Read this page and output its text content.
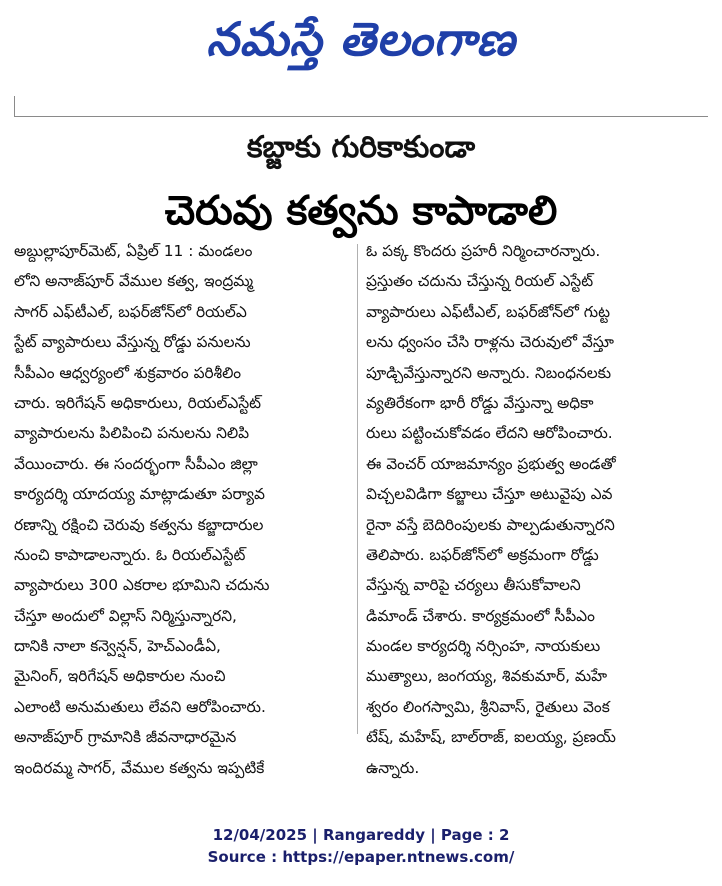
నమస్తే తెలంగాణ
కబ్జాకు గురికాకుండా
చెరువు కత్వను కాపాడాలి
అబ్దుల్లాపూర్‌మెట్, ఏప్రిల్ 11 : మండలం
లోని అనాజ్‌పూర్ వేముల కత్వ, ఇంద్రమ్మ
సాగర్ ఎఫ్‌టీఎల్, బఫర్‌జోన్‌లో రియల్ఎ
స్టేట్ వ్యాపారులు వేస్తున్న రోడ్డు పనులను
సీపీఎం ఆధ్వర్యంలో శుక్రవారం పరిశీలిం
చారు. ఇరిగేషన్ అధికారులు, రియల్‌ఎస్టేట్
వ్యాపారులను పిలిపించి పనులను నిలిపి
వేయించారు. ఈ సందర్భంగా సీపీఎం జిల్లా
కార్యదర్శి యాదయ్య మాట్లాడుతూ పర్యావ
రణాన్ని రక్షించి చెరువు కత్వను కబ్జాదారుల
నుంచి కాపాడాలన్నారు. ఓ రియల్‌ఎస్టేట్
వ్యాపారులు 300 ఎకరాల భూమిని చదును
చేస్తూ అందులో విల్లాస్ నిర్మిస్తున్నారని,
దానికి నాలా కన్వెన్షన్, హెచ్‌ఎండీఏ,
మైనింగ్, ఇరిగేషన్ అధికారుల నుంచి
ఎలాంటి అనుమతులు లేవని ఆరోపించారు.
అనాజ్‌పూర్ గ్రామానికి జీవనాధారమైన
ఇందిరమ్మ సాగర్, వేముల కత్వను ఇప్పటికే
ఓ పక్క కొందరు ప్రహరీ నిర్మించారన్నారు.
ప్రస్తుతం చదును చేస్తున్న రియల్ ఎస్టేట్
వ్యాపారులు ఎఫ్‌టీఎల్, బఫర్‌జోన్‌లో గుట్ట
లను ధ్వంసం చేసి రాళ్లను చెరువులో వేస్తూ
పూడ్చివేస్తున్నారని అన్నారు. నిబంధనలకు
వ్యతిరేకంగా భారీ రోడ్డు వేస్తున్నా అధికా
రులు పట్టించుకోవడం లేదని ఆరోపించారు.
ఈ వెంచర్ యాజమాన్యం ప్రభుత్వ అండతో
విచ్చలవిడిగా కబ్జాలు చేస్తూ అటువైపు ఎవ
రైనా వస్తే బెదిరింపులకు పాల్పడుతున్నారని
తెలిపారు. బఫర్‌జోన్‌లో అక్రమంగా రోడ్డు
వేస్తున్న వారిపై చర్యలు తీసుకోవాలని
డిమాండ్ చేశారు. కార్యక్రమంలో సీపీఎం
మండల కార్యదర్శి నర్సింహ, నాయకులు
ముత్యాలు, జంగయ్య, శివకుమార్, మహే
శ్వరం లింగస్వామి, శ్రీనివాస్, రైతులు వెంక
టేష్, మహేష్, బాల్‌రాజ్, ఐలయ్య, ప్రణయ్
ఉన్నారు.
12/04/2025 | Rangareddy | Page : 2
Source : https://epaper.ntnews.com/
